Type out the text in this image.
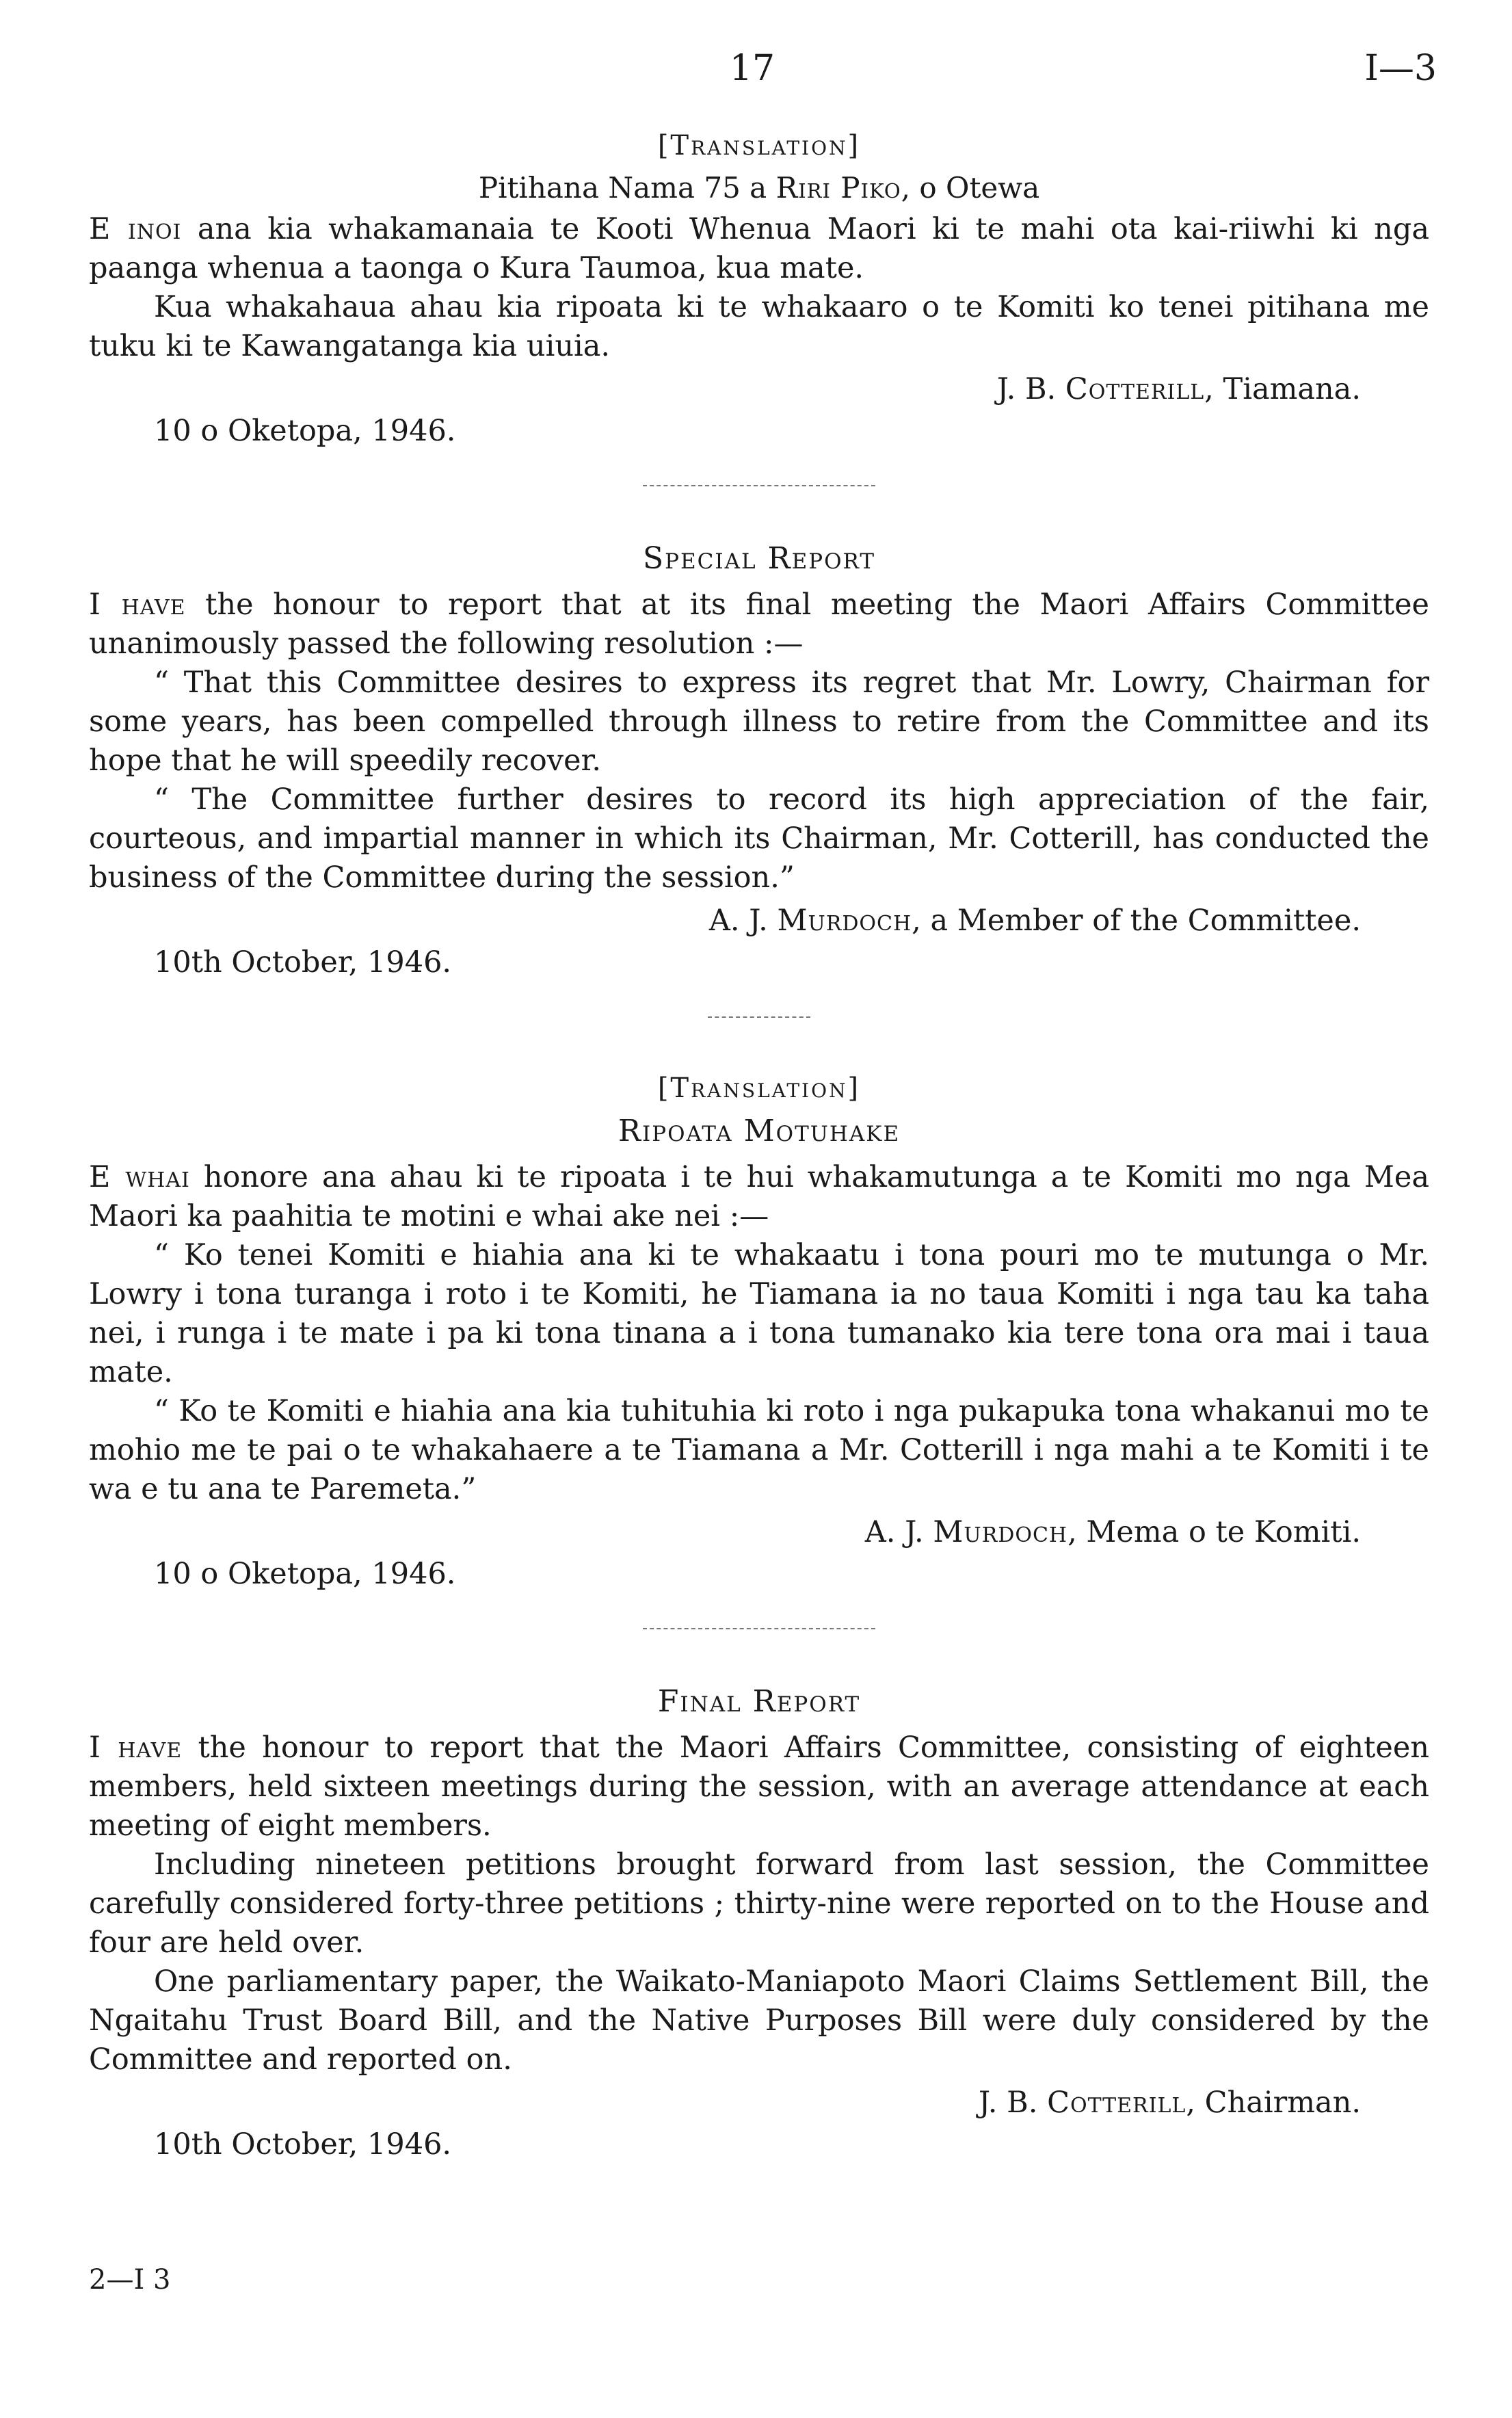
17	I—3
[Translation]
Pitihana Nama 75 a Riri Piko, o Otewa

E inoi ana kia whakamanaia te Kooti Whenua Maori ki te mahi ota kai-riiwhi ki nga paanga whenua a taonga o Kura Taumoa, kua mate.

Kua whakahaua ahau kia ripoata ki te whakaaro o te Komiti ko tenei pitihana me tuku ki te Kawangatanga kia uiuia.

J. B. Cotterill, Tiamana.
10 o Oketopa, 1946.
Special Report

I have the honour to report that at its final meeting the Maori Affairs Committee unanimously passed the following resolution :—

“ That this Committee desires to express its regret that Mr. Lowry, Chairman for some years, has been compelled through illness to retire from the Committee and its hope that he will speedily recover.

“ The Committee further desires to record its high appreciation of the fair, courteous, and impartial manner in which its Chairman, Mr. Cotterill, has conducted the business of the Committee during the session.”

A. J. Murdoch, a Member of the Committee.
10th October, 1946.
[Translation]
Ripoata Motuhake

E whai honore ana ahau ki te ripoata i te hui whakamutunga a te Komiti mo nga Mea Maori ka paahitia te motini e whai ake nei :—

“ Ko tenei Komiti e hiahia ana ki te whakaatu i tona pouri mo te mutunga o Mr. Lowry i tona turanga i roto i te Komiti, he Tiamana ia no taua Komiti i nga tau ka taha nei, i runga i te mate i pa ki tona tinana a i tona tumanako kia tere tona ora mai i taua mate.

“ Ko te Komiti e hiahia ana kia tuhituhia ki roto i nga pukapuka tona whakanui mo te mohio me te pai o te whakahaere a te Tiamana a Mr. Cotterill i nga mahi a te Komiti i te wa e tu ana te Paremeta.”

A. J. Murdoch, Mema o te Komiti.
10 o Oketopa, 1946.
Final Report

I have the honour to report that the Maori Affairs Committee, consisting of eighteen members, held sixteen meetings during the session, with an average attendance at each meeting of eight members.

Including nineteen petitions brought forward from last session, the Committee carefully considered forty-three petitions ; thirty-nine were reported on to the House and four are held over.

One parliamentary paper, the Waikato-Maniapoto Maori Claims Settlement Bill, the Ngaitahu Trust Board Bill, and the Native Purposes Bill were duly considered by the Committee and reported on.

J. B. Cotterill, Chairman.
10th October, 1946.
2—I 3
